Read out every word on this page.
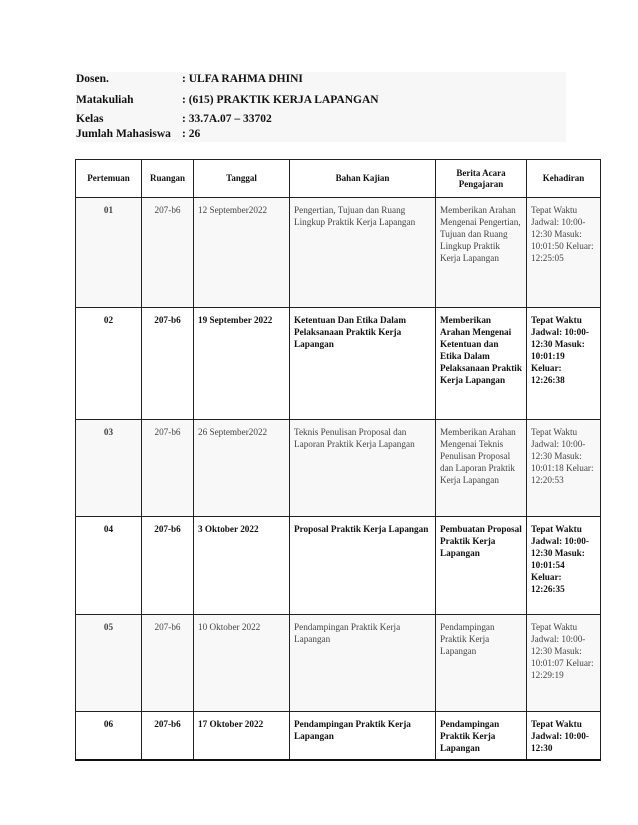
Dosen.	: ULFA RAHMA DHINI
Matakuliah	: (615) PRAKTIK KERJA LAPANGAN
Kelas	: 33.7A.07 – 33702
Jumlah Mahasiswa : 26
Pertemuan	Ruangan	Tanggal	Bahan Kajian	Berita Acara Pengajaran	Kehadiran
01	207-b6	12 September2022	Pengertian, Tujuan dan Ruang Lingkup Praktik Kerja Lapangan	Memberikan Arahan Mengenai Pengertian, Tujuan dan Ruang Lingkup Praktik Kerja Lapangan	Tepat Waktu Jadwal: 10:00-12:30 Masuk: 10:01:50 Keluar: 12:25:05
02	207-b6	19 September 2022	Ketentuan Dan Etika Dalam Pelaksanaan Praktik Kerja Lapangan	Memberikan Arahan Mengenai Ketentuan dan Etika Dalam Pelaksanaan Praktik Kerja Lapangan	Tepat Waktu Jadwal: 10:00-12:30 Masuk: 10:01:19 Keluar: 12:26:38
03	207-b6	26 September2022	Teknis Penulisan Proposal dan Laporan Praktik Kerja Lapangan	Memberikan Arahan Mengenai Teknis Penulisan Proposal dan Laporan Praktik Kerja Lapangan	Tepat Waktu Jadwal: 10:00-12:30 Masuk: 10:01:18 Keluar: 12:20:53
04	207-b6	3 Oktober 2022	Proposal Praktik Kerja Lapangan	Pembuatan Proposal Praktik Kerja Lapangan	Tepat Waktu Jadwal: 10:00-12:30 Masuk: 10:01:54 Keluar: 12:26:35
05	207-b6	10 Oktober 2022	Pendampingan Praktik Kerja Lapangan	Pendampingan Praktik Kerja Lapangan	Tepat Waktu Jadwal: 10:00-12:30 Masuk: 10:01:07 Keluar: 12:29:19
06	207-b6	17 Oktober 2022	Pendampingan Praktik Kerja Lapangan	Pendampingan Praktik Kerja Lapangan	Tepat Waktu Jadwal: 10:00-12:30
